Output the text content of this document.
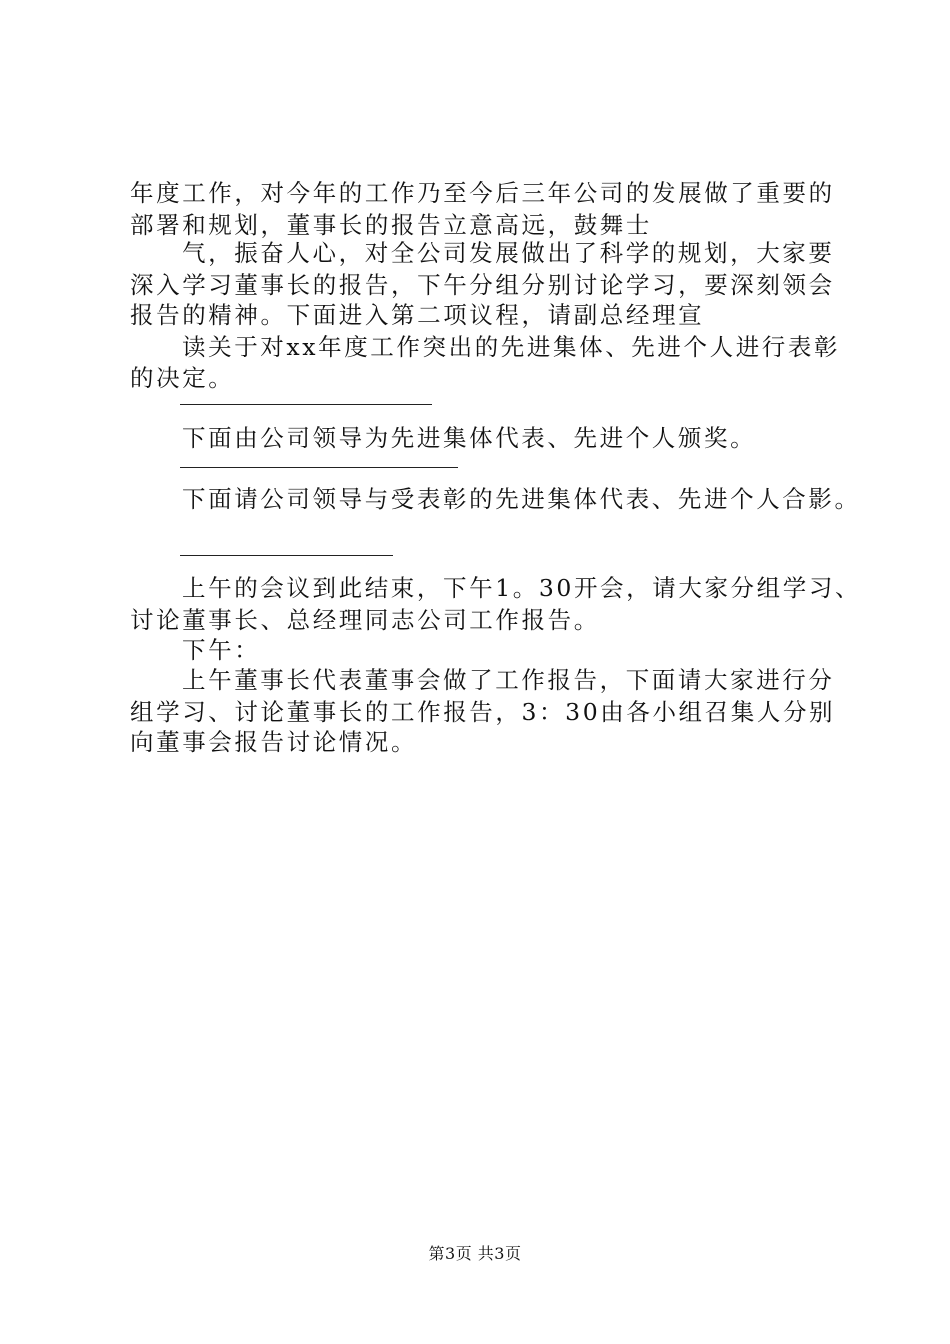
年度工作，对今年的工作乃至今后三年公司的发展做了重要的
部署和规划，董事长的报告立意高远，鼓舞士
气，振奋人心，对全公司发展做出了科学的规划，大家要
深入学习董事长的报告，下午分组分别讨论学习，要深刻领会
报告的精神。下面进入第二项议程，请副总经理宣
读关于对xx年度工作突出的先进集体、先进个人进行表彰
的决定。
下面由公司领导为先进集体代表、先进个人颁奖。
下面请公司领导与受表彰的先进集体代表、先进个人合影。
上午的会议到此结束，下午1。30开会，请大家分组学习、
讨论董事长、总经理同志公司工作报告。
下午：
上午董事长代表董事会做了工作报告，下面请大家进行分
组学习、讨论董事长的工作报告，3：30由各小组召集人分别
向董事会报告讨论情况。
第3页 共3页
